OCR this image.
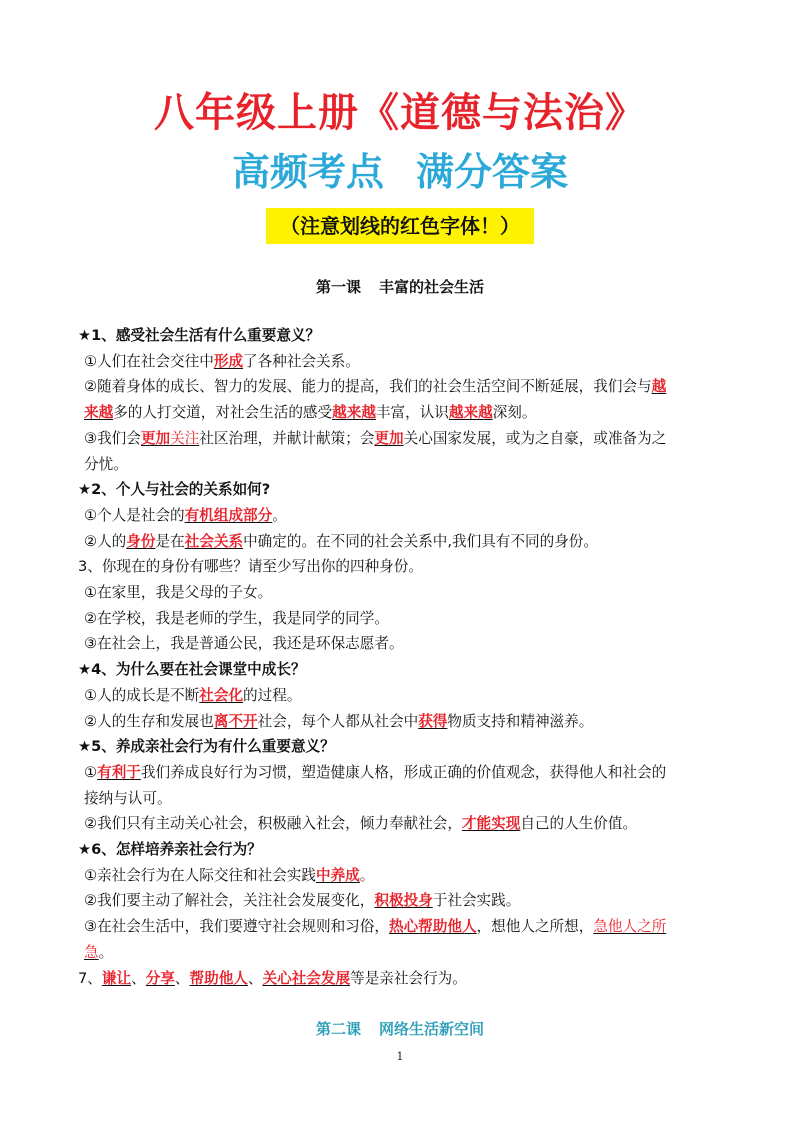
八年级上册《道德与法治》
高频考点 满分答案
（注意划线的红色字体！）
第一课 丰富的社会生活
★1、感受社会生活有什么重要意义？
①人们在社会交往中形成了各种社会关系。
②随着身体的成长、智力的发展、能力的提高，我们的社会生活空间不断延展，我们会与越
来越多的人打交道，对社会生活的感受越来越丰富，认识越来越深刻。
③我们会更加关注社区治理，并献计献策；会更加关心国家发展，或为之自豪，或准备为之
分忧。
★2、个人与社会的关系如何?
①个人是社会的有机组成部分。
②人的身份是在社会关系中确定的。在不同的社会关系中,我们具有不同的身份。
3、你现在的身份有哪些？请至少写出你的四种身份。
①在家里，我是父母的子女。
②在学校，我是老师的学生，我是同学的同学。
③在社会上，我是普通公民，我还是环保志愿者。
★4、为什么要在社会课堂中成长？
①人的成长是不断社会化的过程。
②人的生存和发展也离不开社会，每个人都从社会中获得物质支持和精神滋养。
★5、养成亲社会行为有什么重要意义？
①有利于我们养成良好行为习惯，塑造健康人格，形成正确的价值观念，获得他人和社会的
接纳与认可。
②我们只有主动关心社会，积极融入社会，倾力奉献社会，才能实现自己的人生价值。
★6、怎样培养亲社会行为？
①亲社会行为在人际交往和社会实践中养成。
②我们要主动了解社会，关注社会发展变化，积极投身于社会实践。
③在社会生活中，我们要遵守社会规则和习俗，热心帮助他人，想他人之所想，急他人之所
急。
7、谦让、分享、帮助他人、关心社会发展等是亲社会行为。
第二课 网络生活新空间
1
